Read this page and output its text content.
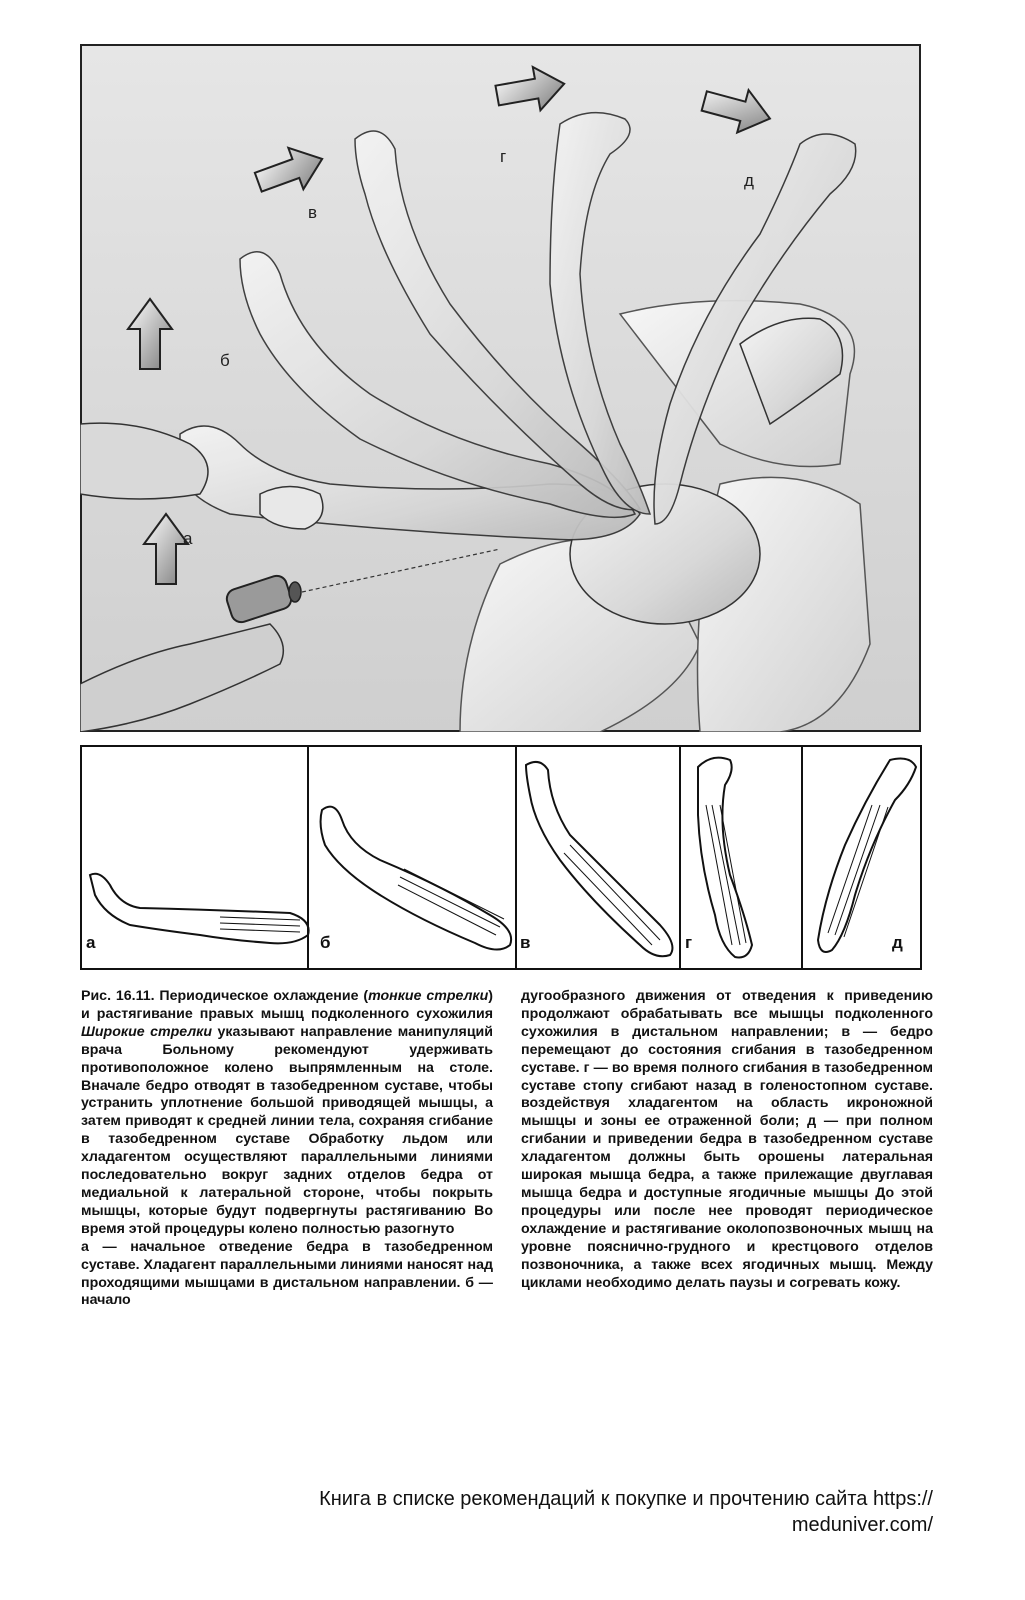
а
б
в
г
д
а	б	в	г	д

Рис. 16.11. Периодическое охлаждение (тонкие стрелки) и растягивание правых мышц подколенного сухожилия Широкие стрелки указывают направление манипуляций врача Больному рекомендуют удерживать противоположное колено выпрямленным на столе. Вначале бедро отводят в тазобедренном суставе, чтобы устранить уплотнение большой приводящей мышцы, а затем приводят к средней линии тела, сохраняя сгибание в тазобедренном суставе Обработку льдом или хладагентом осуществляют параллельными линиями последовательно вокруг задних отделов бедра от медиальной к латеральной стороне, чтобы покрыть мышцы, которые будут подвергнуты растягиванию Во время этой процедуры колено полностью разогнуто

а — начальное отведение бедра в тазобедренном суставе. Хладагент параллельными линиями наносят над проходящими мышцами в дистальном направлении. б — начало

дугообразного движения от отведения к приведению продолжают обрабатывать все мышцы подколенного сухожилия в дистальном направлении; в — бедро перемещают до состояния сгибания в тазобедренном суставе. г — во время полного сгибания в тазобедренном суставе стопу сгибают назад в голеностопном суставе. воздействуя хладагентом на область икроножной мышцы и зоны ее отраженной боли; д — при полном сгибании и приведении бедра в тазобедренном суставе хладагентом должны быть орошены латеральная широкая мышца бедра, а также прилежащие двуглавая мышца бедра и доступные ягодичные мышцы До этой процедуры или после нее проводят периодическое охлаждение и растягивание околопозвоночных мышц на уровне пояснично-грудного и крестцового отделов позвоночника, а также всех ягодичных мышц. Между циклами необходимо делать паузы и согревать кожу.

Книга в списке рекомендаций к покупке и прочтению сайта https://
meduniver.com/
